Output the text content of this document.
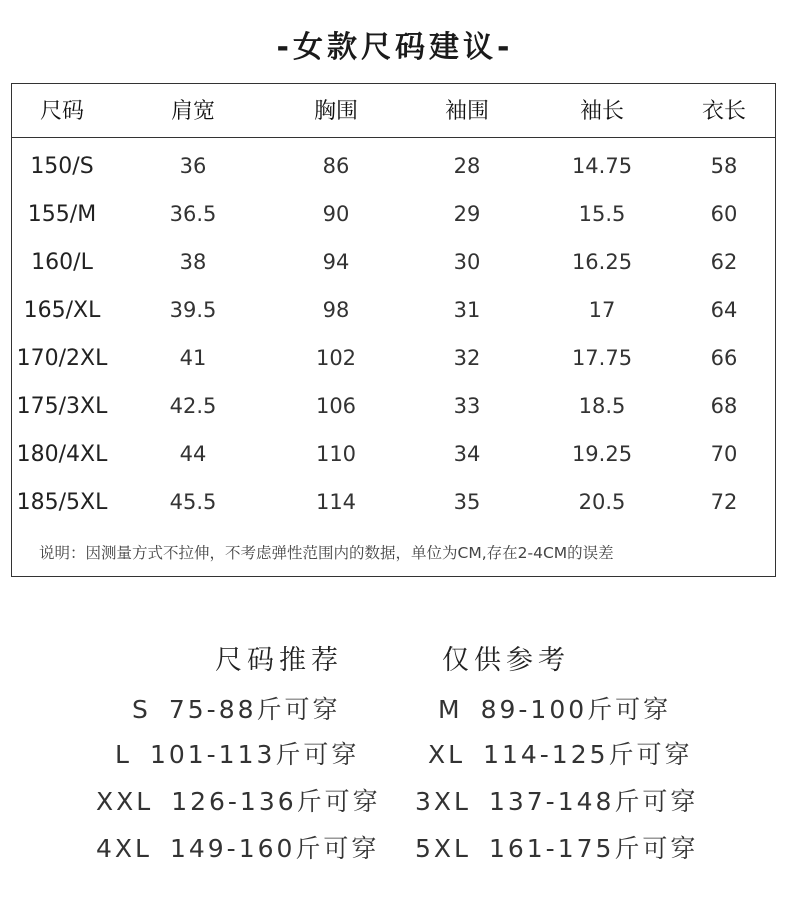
-女款尺码建议-
尺码	肩宽	胸围	袖围	袖长	衣长
150/S	36	86	28	14.75	58
155/M	36.5	90	29	15.5	60
160/L	38	94	30	16.25	62
165/XL	39.5	98	31	17	64
170/2XL	41	102	32	17.75	66
175/3XL	42.5	106	33	18.5	68
180/4XL	44	110	34	19.25	70
185/5XL	45.5	114	35	20.5	72
说明：因测量方式不拉伸，不考虑弹性范围内的数据，单位为CM,存在2-4CM的误差
尺码推荐	仅供参考
S 75-88斤可穿	M 89-100斤可穿
L 101-113斤可穿	XL 114-125斤可穿
XXL 126-136斤可穿 3XL 137-148斤可穿
4XL 149-160斤可穿 5XL 161-175斤可穿
